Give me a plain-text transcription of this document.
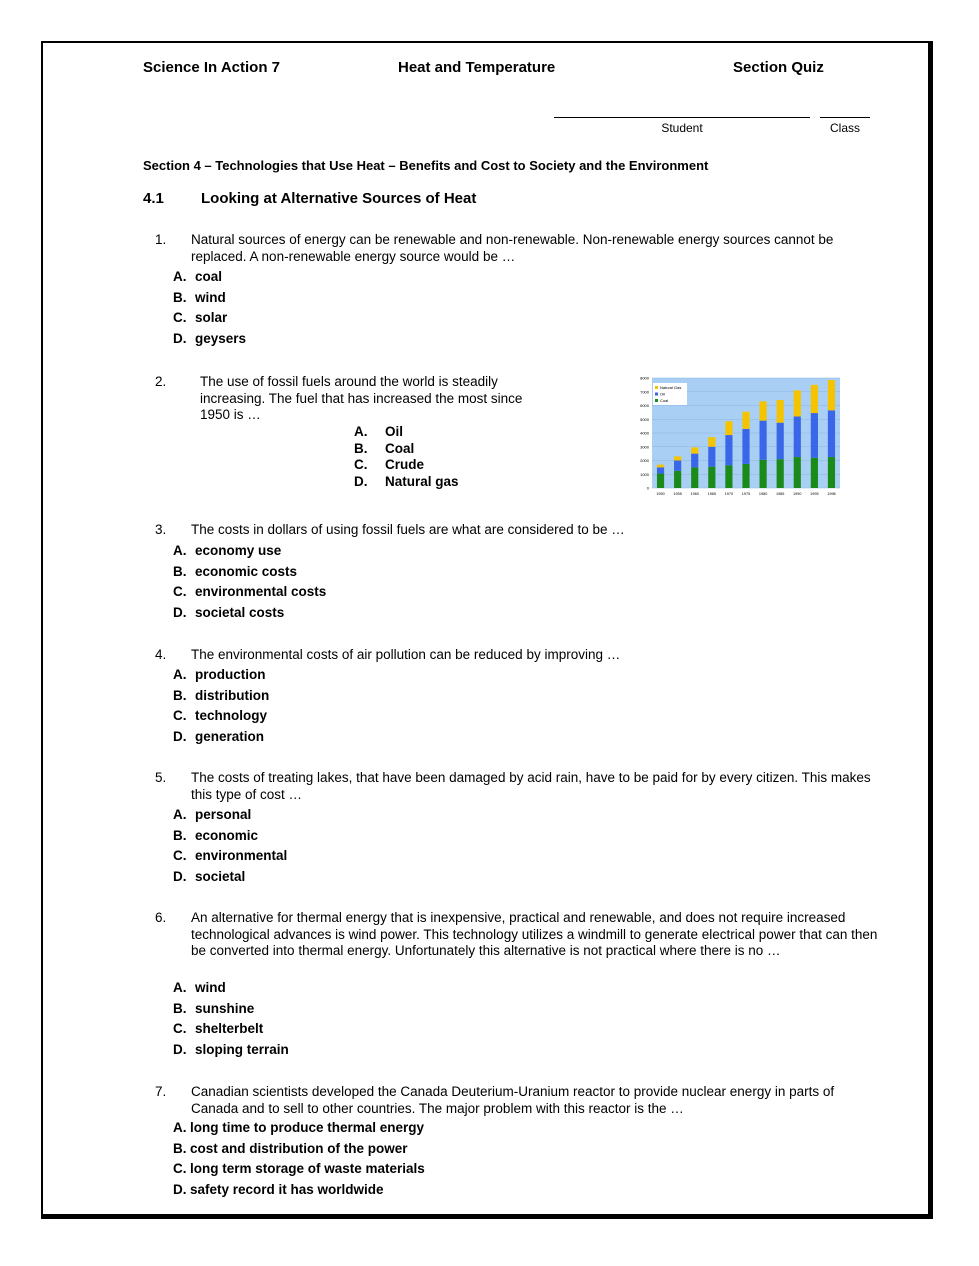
Science In Action 7	Heat and Temperature	Section Quiz
Student	Class
Section 4 – Technologies that Use Heat – Benefits and Cost to Society and the Environment
4.1 Looking at Alternative Sources of Heat
1. Natural sources of energy can be renewable and non-renewable. Non-renewable energy sources cannot be replaced. A non-renewable energy source would be …
A. coal
B. wind
C. solar
D. geysers
2. The use of fossil fuels around the world is steadily increasing. The fuel that has increased the most since 1950 is …
A. Oil
B. Coal
C. Crude
D. Natural gas	0
1000
2000
3000
4000
5000
6000
7000
8000
1950 1955 1960 1965 1970 1975 1980 1985 1990 1995 1998
Natural Gas
Oil
Coal
3. The costs in dollars of using fossil fuels are what are considered to be …
A. economy use
B. economic costs
C. environmental costs
D. societal costs
4. The environmental costs of air pollution can be reduced by improving …
A. production
B. distribution
C. technology
D. generation
5. The costs of treating lakes, that have been damaged by acid rain, have to be paid for by every citizen. This makes this type of cost …
A. personal
B. economic
C. environmental
D. societal
6. An alternative for thermal energy that is inexpensive, practical and renewable, and does not require increased technological advances is wind power. This technology utilizes a windmill to generate electrical power that can then be converted into thermal energy. Unfortunately this alternative is not practical where there is no …
A. wind
B. sunshine
C. shelterbelt
D. sloping terrain
7. Canadian scientists developed the Canada Deuterium-Uranium reactor to provide nuclear energy in parts of Canada and to sell to other countries. The major problem with this reactor is the …
A. long time to produce thermal energy
B. cost and distribution of the power
C. long term storage of waste materials
D. safety record it has worldwide
